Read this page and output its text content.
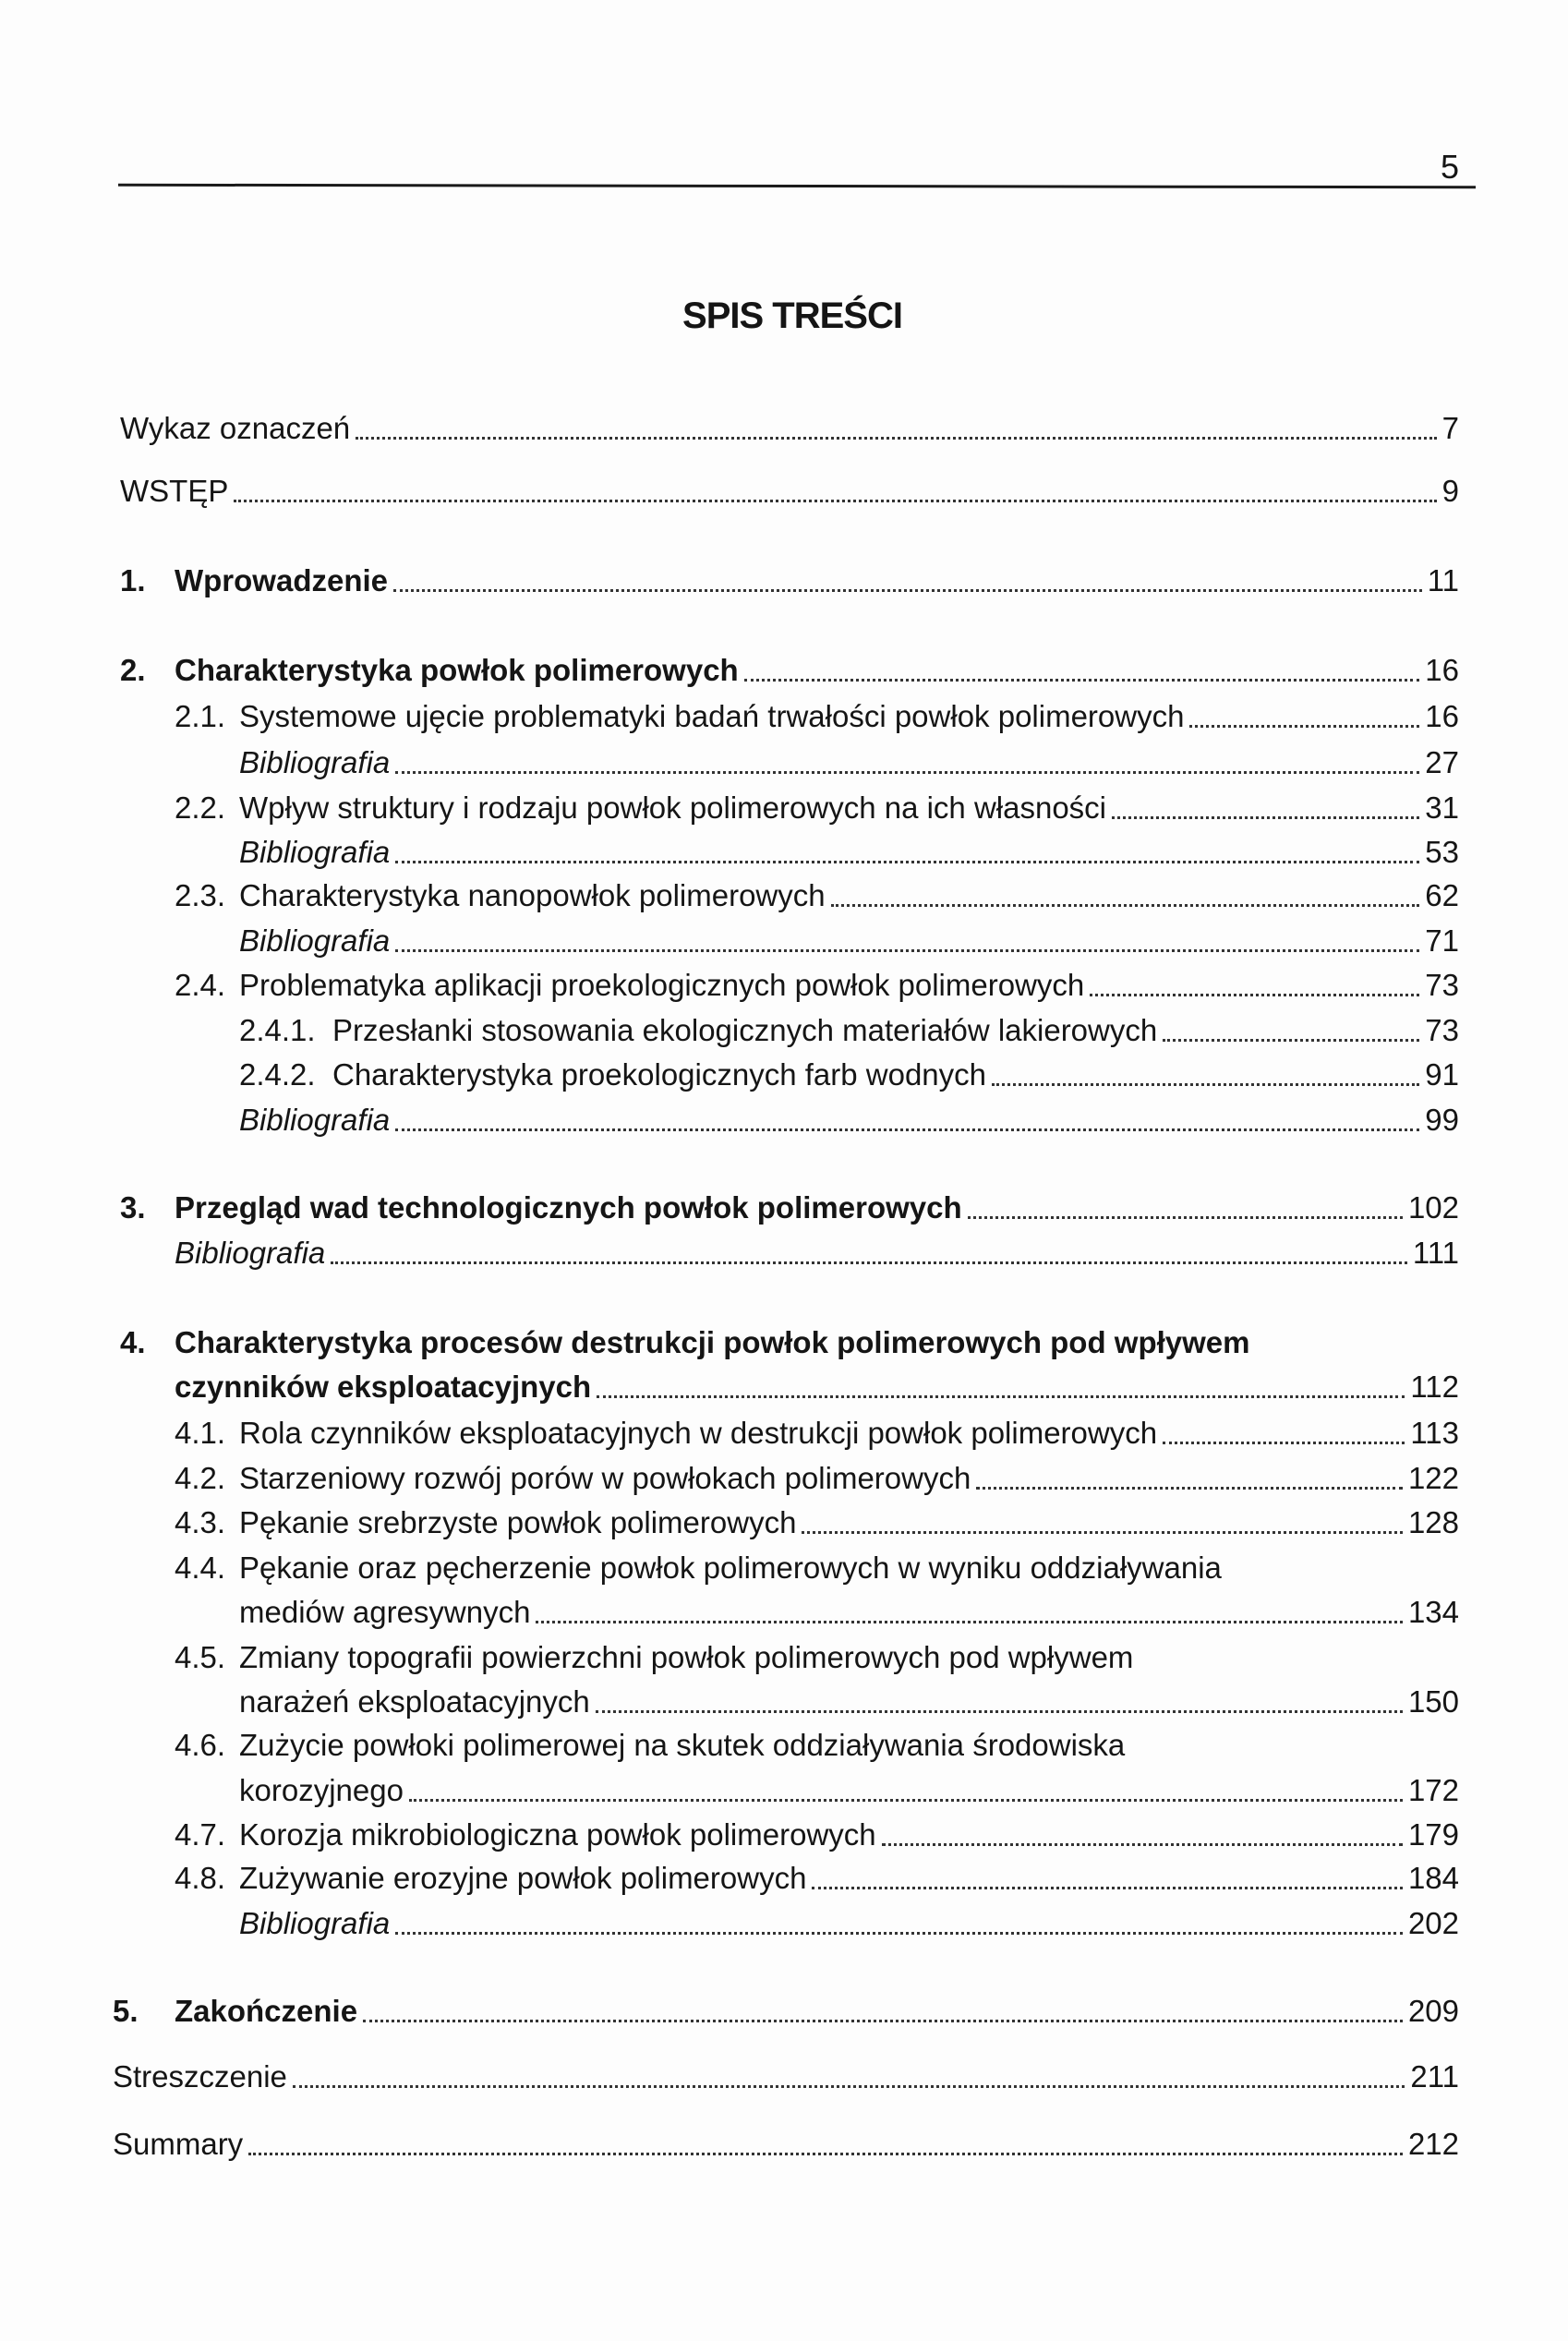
5
SPIS TREŚCI
Wykaz oznaczeń	7
WSTĘP	9
1. Wprowadzenie	11
2. Charakterystyka powłok polimerowych	16
2.1. Systemowe ujęcie problematyki badań trwałości powłok polimerowych	16
Bibliografia	27
2.2. Wpływ struktury i rodzaju powłok polimerowych na ich własności	31
Bibliografia	53
2.3. Charakterystyka nanopowłok polimerowych	62
Bibliografia	71
2.4. Problematyka aplikacji proekologicznych powłok polimerowych	73
2.4.1. Przesłanki stosowania ekologicznych materiałów lakierowych	73
2.4.2. Charakterystyka proekologicznych farb wodnych	91
Bibliografia	99
3. Przegląd wad technologicznych powłok polimerowych	102
Bibliografia	111
4. Charakterystyka procesów destrukcji powłok polimerowych pod wpływem
czynników eksploatacyjnych	112
4.1. Rola czynników eksploatacyjnych w destrukcji powłok polimerowych	113
4.2. Starzeniowy rozwój porów w powłokach polimerowych	122
4.3. Pękanie srebrzyste powłok polimerowych	128
4.4. Pękanie oraz pęcherzenie powłok polimerowych w wyniku oddziaływania
mediów agresywnych	134
4.5. Zmiany topografii powierzchni powłok polimerowych pod wpływem
narażeń eksploatacyjnych	150
4.6. Zużycie powłoki polimerowej na skutek oddziaływania środowiska
korozyjnego	172
4.7. Korozja mikrobiologiczna powłok polimerowych	179
4.8. Zużywanie erozyjne powłok polimerowych	184
Bibliografia	202
5.	Zakończenie	209
Streszczenie	211
Summary	212
